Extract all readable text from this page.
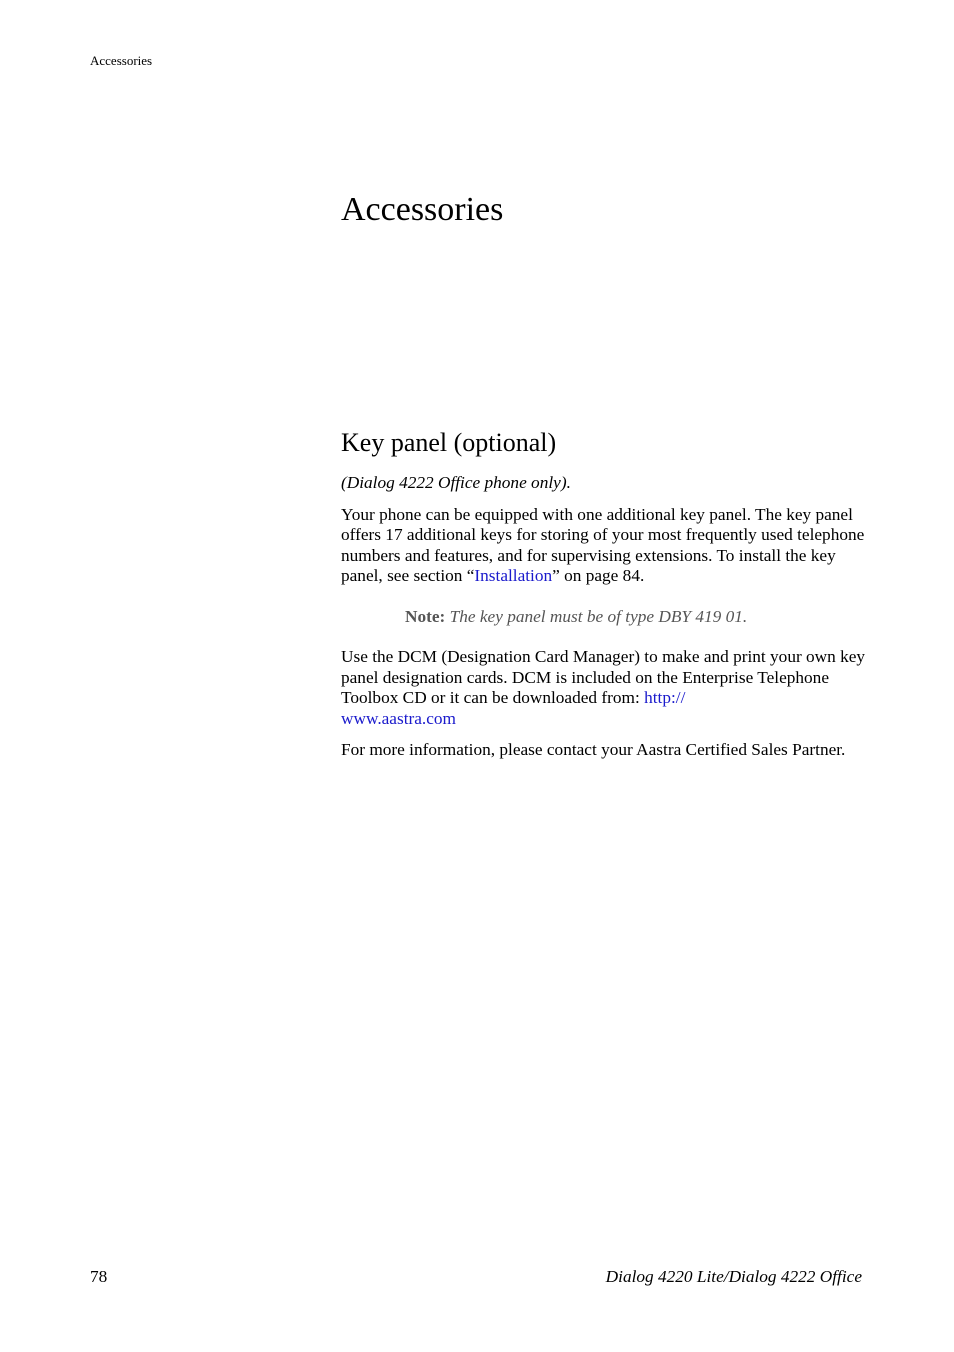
Accessories
Accessories
Key panel (optional)

(Dialog 4222 Office phone only).

Your phone can be equipped with one additional key panel. The key panel offers 17 additional keys for storing of your most frequently used telephone numbers and features, and for supervising extensions. To install the key panel, see section “Installation” on page 84.

Note: The key panel must be of type DBY 419 01.

Use the DCM (Designation Card Manager) to make and print your own key panel designation cards. DCM is included on the Enterprise Telephone Toolbox CD or it can be downloaded from: http://
www.aastra.com

For more information, please contact your Aastra Certified Sales Partner.

78	Dialog 4220 Lite/Dialog 4222 Office
